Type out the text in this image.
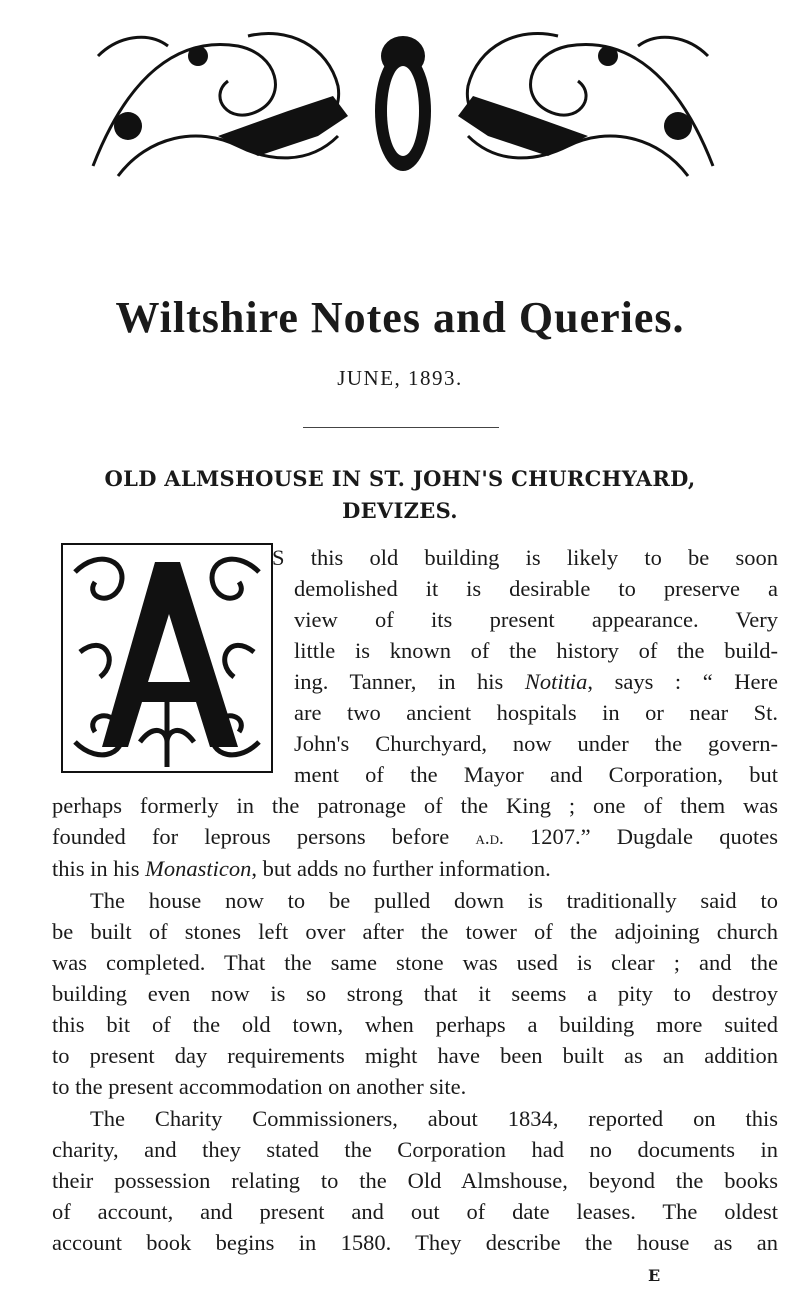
Wiltshire Notes and Queries.
JUNE, 1893.
OLD ALMSHOUSE IN ST. JOHN'S CHURCHYARD,
DEVIZES.
S this old building is likely to be soon
demolished it is desirable to preserve a
view of its present appearance. Very
little is known of the history of the build-
ing. Tanner, in his Notitia, says : “ Here
are two ancient hospitals in or near St.
John's Churchyard, now under the govern-
ment of the Mayor and Corporation, but
perhaps formerly in the patronage of the King ; one of them was
founded for leprous persons before a.d. 1207.” Dugdale quotes
this in his Monasticon, but adds no further information.
The house now to be pulled down is traditionally said to
be built of stones left over after the tower of the adjoining church
was completed. That the same stone was used is clear ; and the
building even now is so strong that it seems a pity to destroy
this bit of the old town, when perhaps a building more suited
to present day requirements might have been built as an addition
to the present accommodation on another site.
The Charity Commissioners, about 1834, reported on this
charity, and they stated the Corporation had no documents in
their possession relating to the Old Almshouse, beyond the books
of account, and present and out of date leases. The oldest
account book begins in 1580. They describe the house as an
E
